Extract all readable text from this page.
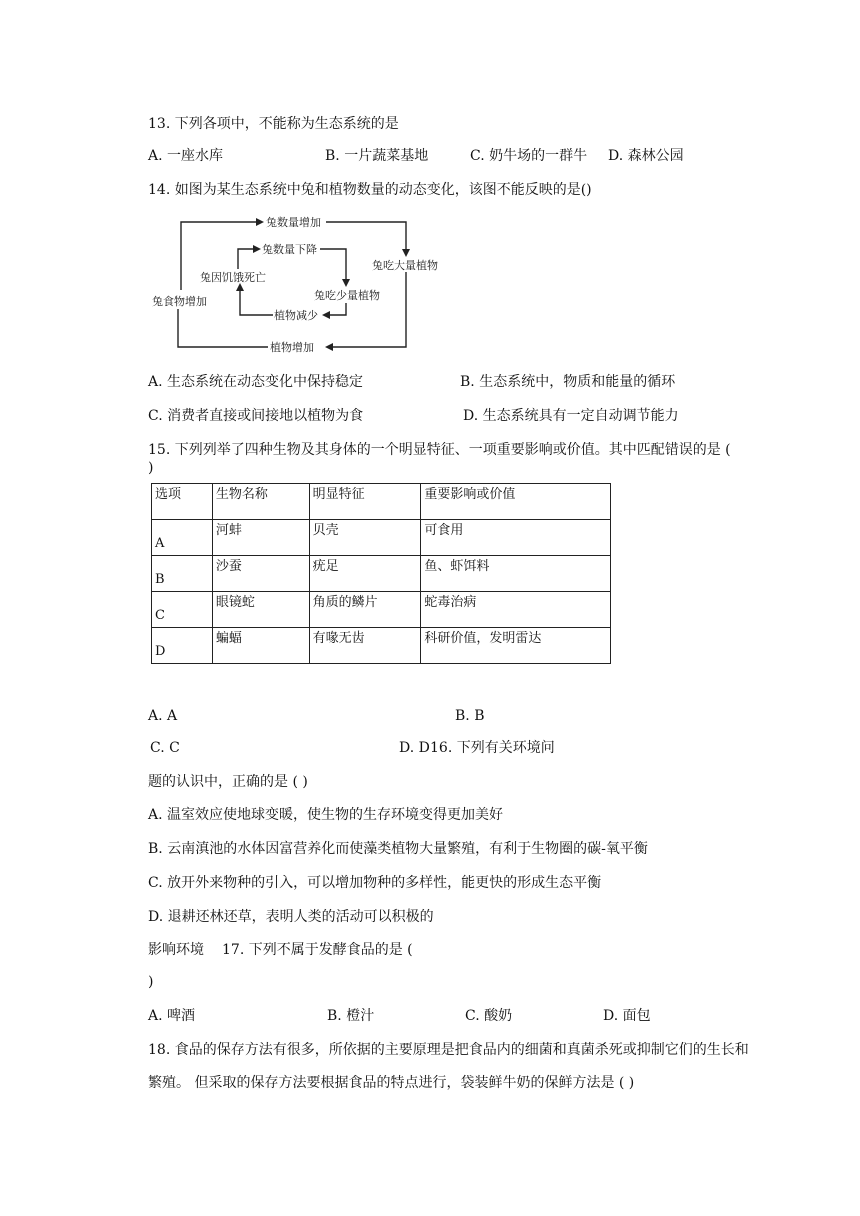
13. 下列各项中，不能称为生态系统的是
A. 一座水库	B. 一片蔬菜基地	C. 奶牛场的一群牛 D. 森林公园
14. 如图为某生态系统中兔和植物数量的动态变化，该图不能反映的是()
兔数量增加
兔数量下降
兔因饥饿死亡
兔吃大量植物
兔吃少量植物
兔食物增加
植物减少
植物增加
A. 生态系统在动态变化中保持稳定	B. 生态系统中，物质和能量的循环
C. 消费者直接或间接地以植物为食	D. 生态系统具有一定自动调节能力
15. 下列列举了四种生物及其身体的一个明显特征、一项重要影响或价值。其中匹配错误的是 (
)
选项	生物名称	明显特征	重要影响或价值
A	河蚌	贝壳	可食用
B	沙蚕	疣足	鱼、虾饵料
C	眼镜蛇	角质的鳞片	蛇毒治病
D	蝙蝠	有喙无齿	科研价值，发明雷达
A. A	B. B
C. C	D. D 16. 下列有关环境问
题的认识中，正确的是 ( )
A. 温室效应使地球变暖，使生物的生存环境变得更加美好
B. 云南滇池的水体因富营养化而使藻类植物大量繁殖，有利于生物圈的碳-氧平衡
C. 放开外来物种的引入，可以增加物种的多样性，能更快的形成生态平衡
D. 退耕还林还草，表明人类的活动可以积极的
影响环境 17. 下列不属于发酵食品的是 (
)
A. 啤酒	B. 橙汁	C. 酸奶	D. 面包
18. 食品的保存方法有很多，所依据的主要原理是把食品内的细菌和真菌杀死或抑制它们的生长和
繁殖。 但采取的保存方法要根据食品的特点进行，袋装鲜牛奶的保鲜方法是 ( )
